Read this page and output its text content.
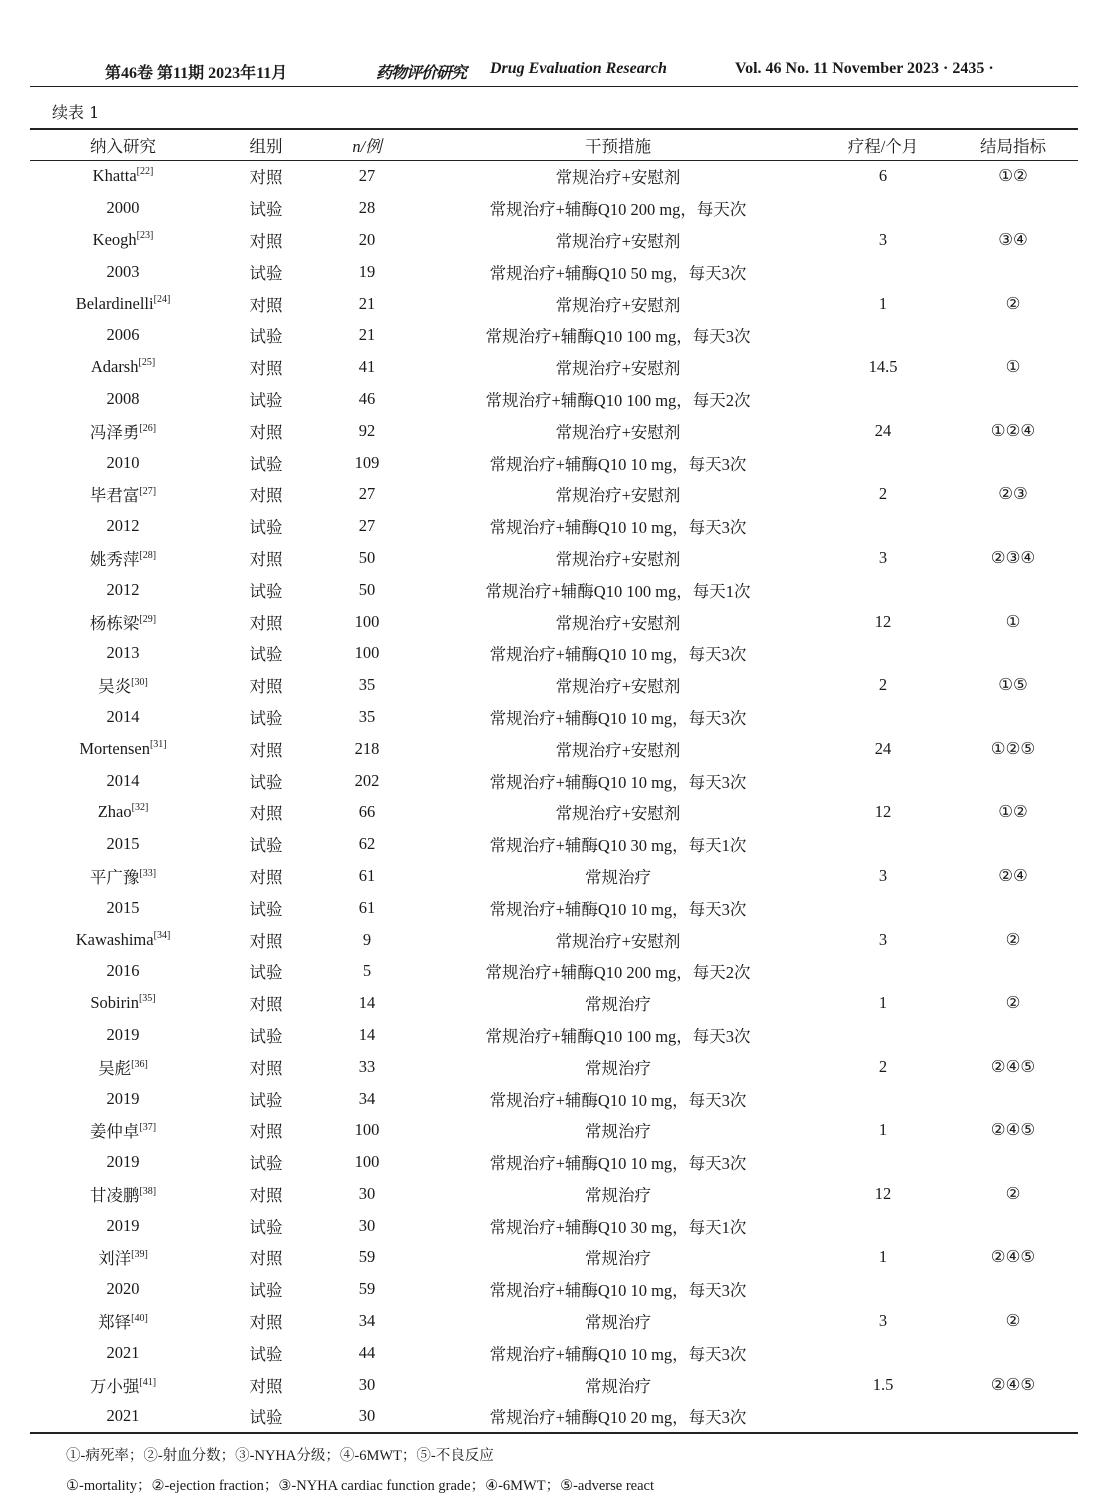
第46卷 第11期 2023年11月	药物评价研究 Drug Evaluation Research	Vol. 46 No. 11 November 2023 · 2435 ·
续表 1
纳入研究	组别	n/例	干预措施	疗程/个月	结局指标
Khatta[22]	对照	27	常规治疗+安慰剂	6	①②
2000	试验	28	常规治疗+辅酶Q10 200 mg，每天次		
Keogh[23]	对照	20	常规治疗+安慰剂	3	③④
2003	试验	19	常规治疗+辅酶Q10 50 mg，每天3次		
Belardinelli[24]	对照	21	常规治疗+安慰剂	1	②
2006	试验	21	常规治疗+辅酶Q10 100 mg，每天3次		
Adarsh[25]	对照	41	常规治疗+安慰剂	14.5	①
2008	试验	46	常规治疗+辅酶Q10 100 mg，每天2次		
冯泽勇[26]	对照	92	常规治疗+安慰剂	24	①②④
2010	试验	109	常规治疗+辅酶Q10 10 mg，每天3次		
毕君富[27]	对照	27	常规治疗+安慰剂	2	②③
2012	试验	27	常规治疗+辅酶Q10 10 mg，每天3次		
姚秀萍[28]	对照	50	常规治疗+安慰剂	3	②③④
2012	试验	50	常规治疗+辅酶Q10 100 mg，每天1次		
杨栋梁[29]	对照	100	常规治疗+安慰剂	12	①
2013	试验	100	常规治疗+辅酶Q10 10 mg，每天3次		
吴炎[30]	对照	35	常规治疗+安慰剂	2	①⑤
2014	试验	35	常规治疗+辅酶Q10 10 mg，每天3次		
Mortensen[31]	对照	218	常规治疗+安慰剂	24	①②⑤
2014	试验	202	常规治疗+辅酶Q10 10 mg，每天3次		
Zhao[32]	对照	66	常规治疗+安慰剂	12	①②
2015	试验	62	常规治疗+辅酶Q10 30 mg，每天1次		
平广豫[33]	对照	61	常规治疗	3	②④
2015	试验	61	常规治疗+辅酶Q10 10 mg，每天3次		
Kawashima[34]	对照	9	常规治疗+安慰剂	3	②
2016	试验	5	常规治疗+辅酶Q10 200 mg，每天2次		
Sobirin[35]	对照	14	常规治疗	1	②
2019	试验	14	常规治疗+辅酶Q10 100 mg，每天3次		
吴彪[36]	对照	33	常规治疗	2	②④⑤
2019	试验	34	常规治疗+辅酶Q10 10 mg，每天3次		
姜仲卓[37]	对照	100	常规治疗	1	②④⑤
2019	试验	100	常规治疗+辅酶Q10 10 mg，每天3次		
甘凌鹏[38]	对照	30	常规治疗	12	②
2019	试验	30	常规治疗+辅酶Q10 30 mg，每天1次		
刘洋[39]	对照	59	常规治疗	1	②④⑤
2020	试验	59	常规治疗+辅酶Q10 10 mg，每天3次		
郑铎[40]	对照	34	常规治疗	3	②
2021	试验	44	常规治疗+辅酶Q10 10 mg，每天3次		
万小强[41]	对照	30	常规治疗	1.5	②④⑤
2021	试验	30	常规治疗+辅酶Q10 20 mg，每天3次		
①-病死率；②-射血分数；③-NYHA分级；④-6MWT；⑤-不良反应
①-mortality；②-ejection fraction；③-NYHA cardiac function grade；④-6MWT；⑤-adverse react
